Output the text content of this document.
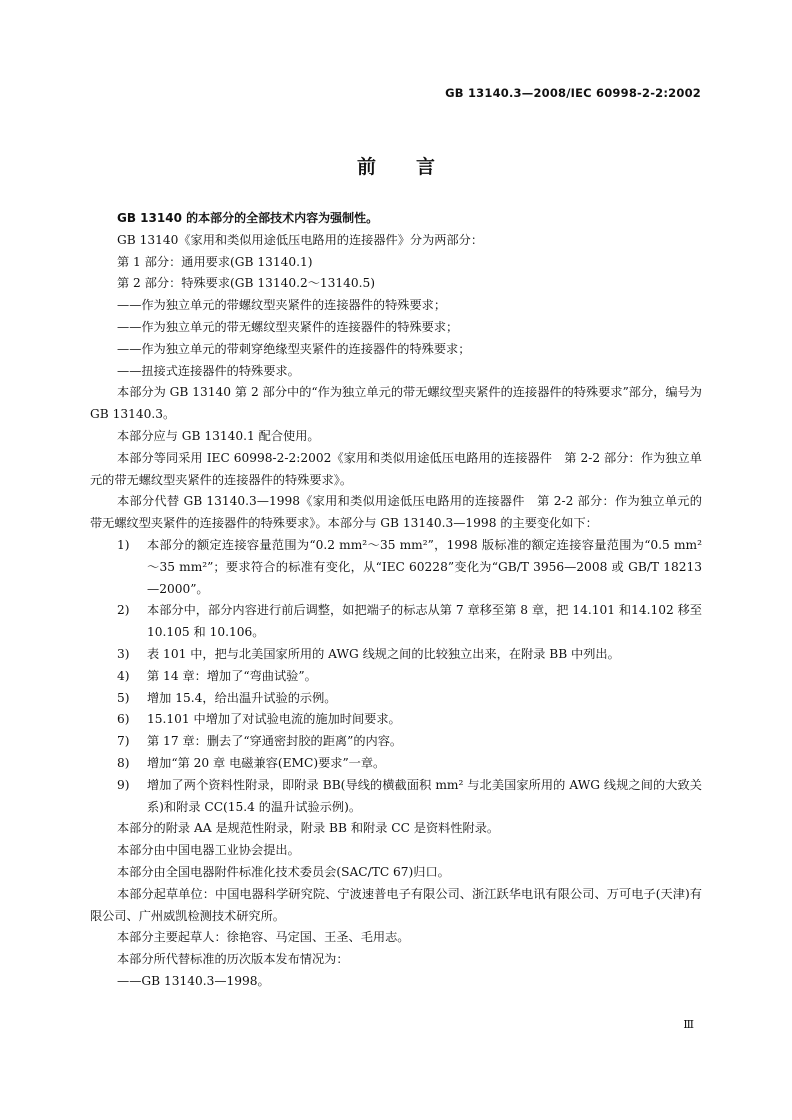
GB 13140.3—2008/IEC 60998-2-2:2002
前言

GB 13140 的本部分的全部技术内容为强制性。

GB 13140《家用和类似用途低压电路用的连接器件》分为两部分：

第 1 部分：通用要求(GB 13140.1)

第 2 部分：特殊要求(GB 13140.2～13140.5)

——作为独立单元的带螺纹型夹紧件的连接器件的特殊要求；

——作为独立单元的带无螺纹型夹紧件的连接器件的特殊要求；

——作为独立单元的带刺穿绝缘型夹紧件的连接器件的特殊要求；

——扭接式连接器件的特殊要求。

本部分为 GB 13140 第 2 部分中的“作为独立单元的带无螺纹型夹紧件的连接器件的特殊要求”部分，编号为 GB 13140.3。

本部分应与 GB 13140.1 配合使用。

本部分等同采用 IEC 60998-2-2:2002《家用和类似用途低压电路用的连接器件　第 2-2 部分：作为独立单元的带无螺纹型夹紧件的连接器件的特殊要求》。

本部分代替 GB 13140.3—1998《家用和类似用途低压电路用的连接器件　第 2-2 部分：作为独立单元的带无螺纹型夹紧件的连接器件的特殊要求》。本部分与 GB 13140.3—1998 的主要变化如下：

1) 本部分的额定连接容量范围为“0.2 mm²～35 mm²”，1998 版标准的额定连接容量范围为“0.5 mm²～35 mm²”；要求符合的标准有变化，从“IEC 60228”变化为“GB/T 3956—2008 或 GB/T 18213—2000”。

2) 本部分中，部分内容进行前后调整，如把端子的标志从第 7 章移至第 8 章，把 14.101 和14.102 移至 10.105 和 10.106。

3) 表 101 中，把与北美国家所用的 AWG 线规之间的比较独立出来，在附录 BB 中列出。

4) 第 14 章：增加了“弯曲试验”。

5) 增加 15.4，给出温升试验的示例。

6) 15.101 中增加了对试验电流的施加时间要求。

7) 第 17 章：删去了“穿通密封胶的距离”的内容。

8) 增加“第 20 章 电磁兼容(EMC)要求”一章。

9) 增加了两个资料性附录，即附录 BB(导线的横截面积 mm² 与北美国家所用的 AWG 线规之间的大致关系)和附录 CC(15.4 的温升试验示例)。

本部分的附录 AA 是规范性附录，附录 BB 和附录 CC 是资料性附录。

本部分由中国电器工业协会提出。

本部分由全国电器附件标准化技术委员会(SAC/TC 67)归口。

本部分起草单位：中国电器科学研究院、宁波速普电子有限公司、浙江跃华电讯有限公司、万可电子(天津)有限公司、广州威凯检测技术研究所。

本部分主要起草人：徐艳容、马定国、王圣、毛用志。

本部分所代替标准的历次版本发布情况为：

——GB 13140.3—1998。

Ⅲ
